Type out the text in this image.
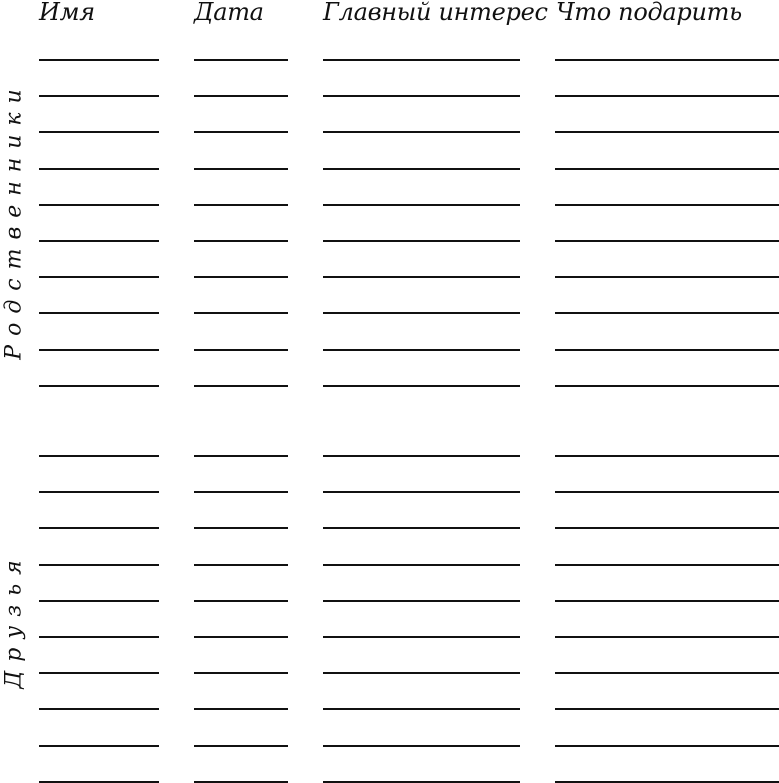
Имя	Дата Главный интерес Что подарить
Родственники
Друзья
